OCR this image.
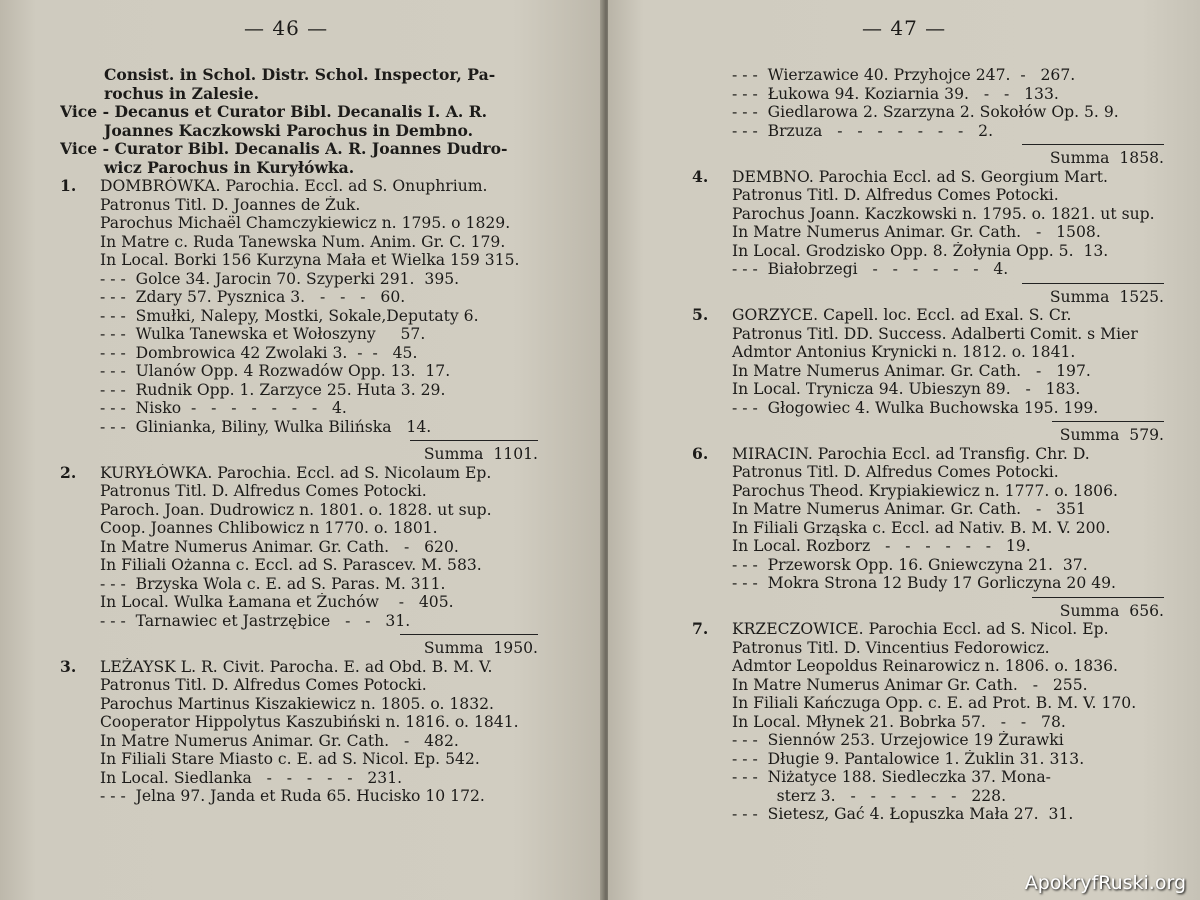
— 46 —
Consist. in Schol. Distr. Schol. Inspector, Pa-
rochus in Zalesie.
Vice - Decanus et Curator Bibl. Decanalis I. A. R.
Joannes Kaczkowski Parochus in Dembno.
Vice - Curator Bibl. Decanalis A. R. Joannes Dudro-
wicz Parochus in Kuryłówka.
1. DOMBRÓWKA. Parochia. Eccl. ad S. Onuphrium.
Patronus Titl. D. Joannes de Żuk.
Parochus Michaël Chamczykiewicz n. 1795. o 1829.
In Matre c. Ruda Tanewska Num. Anim. Gr. C. 179.
In Local. Borki 156 Kurzyna Mała et Wielka 159 315.
- - -  Golce 34. Jarocin 70. Szyperki 291.  395.
- - -  Zdary 57. Pysznica 3.   -   -   -   60.
- - -  Smułki, Nalepy, Mostki, Sokale,Deputaty 6.
- - -  Wulka Tanewska et Wołoszyny     57.
- - -  Dombrowica 42 Zwolaki 3.  -  -   45.
- - -  Ulanów Opp. 4 Rozwadów Opp. 13.  17.
- - -  Rudnik Opp. 1. Zarzyce 25. Huta 3. 29.
- - -  Nisko  -   -   -   -   -   -   -   4.
- - -  Glinianka, Biliny, Wulka Bilińska   14.
Summa  1101.
2. KURYŁÓWKA. Parochia. Eccl. ad S. Nicolaum Ep.
Patronus Titl. D. Alfredus Comes Potocki.
Paroch. Joan. Dudrowicz n. 1801. o. 1828. ut sup.
Coop. Joannes Chlibowicz n 1770. o. 1801.
In Matre Numerus Animar. Gr. Cath.   -   620.
In Filiali Ożanna c. Eccl. ad S. Parascev. M. 583.
- - -  Brzyska Wola c. E. ad S. Paras. M. 311.
In Local. Wulka Łamana et Żuchów    -   405.
- - -  Tarnawiec et Jastrzębice   -   -   31.
Summa  1950.
3. LEŻAYSK L. R. Civit. Parocha. E. ad Obd. B. M. V.
Patronus Titl. D. Alfredus Comes Potocki.
Parochus Martinus Kiszakiewicz n. 1805. o. 1832.
Cooperator Hippolytus Kaszubiński n. 1816. o. 1841.
In Matre Numerus Animar. Gr. Cath.   -   482.
In Filiali Stare Miasto c. E. ad S. Nicol. Ep. 542.
In Local. Siedlanka   -   -   -   -   -   231.
- - -  Jelna 97. Janda et Ruda 65. Hucisko 10 172.
— 47 —
- - -  Wierzawice 40. Przyhojce 247.  -   267.
- - -  Łukowa 94. Koziarnia 39.   -   -   133.
- - -  Giedlarowa 2. Szarzyna 2. Sokołów Op. 5. 9.
- - -  Brzuza   -   -   -   -   -   -   -   2.
Summa  1858.
4. DEMBNO. Parochia Eccl. ad S. Georgium Mart.
Patronus Titl. D. Alfredus Comes Potocki.
Parochus Joann. Kaczkowski n. 1795. o. 1821. ut sup.
In Matre Numerus Animar. Gr. Cath.   -   1508.
In Local. Grodzisko Opp. 8. Żołynia Opp. 5.  13.
- - -  Białobrzegi   -   -   -   -   -   -   4.
Summa  1525.
5. GORZYCE. Capell. loc. Eccl. ad Exal. S. Cr.
Patronus Titl. DD. Success. Adalberti Comit. s Mier
Admtor Antonius Krynicki n. 1812. o. 1841.
In Matre Numerus Animar. Gr. Cath.   -   197.
In Local. Trynicza 94. Ubieszyn 89.   -   183.
- - -  Głogowiec 4. Wulka Buchowska 195. 199.
Summa  579.
6. MIRACIN. Parochia Eccl. ad Transfig. Chr. D.
Patronus Titl. D. Alfredus Comes Potocki.
Parochus Theod. Krypiakiewicz n. 1777. o. 1806.
In Matre Numerus Animar. Gr. Cath.   -   351
In Filiali Grząska c. Eccl. ad Nativ. B. M. V. 200.
In Local. Rozborz   -   -   -   -   -   -   19.
- - -  Przeworsk Opp. 16. Gniewczyna 21.  37.
- - -  Mokra Strona 12 Budy 17 Gorliczyna 20 49.
Summa  656.
7. KRZECZOWICE. Parochia Eccl. ad S. Nicol. Ep.
Patronus Titl. D. Vincentius Fedorowicz.
Admtor Leopoldus Reinarowicz n. 1806. o. 1836.
In Matre Numerus Animar Gr. Cath.   -   255.
In Filiali Kańczuga Opp. c. E. ad Prot. B. M. V. 170.
In Local. Młynek 21. Bobrka 57.   -   -   78.
- - -  Siennów 253. Urzejowice 19 Żurawki
- - -  Długie 9. Pantalowice 1. Żuklin 31. 313.
- - -  Niżatyce 188. Siedleczka 37. Mona-
sterz 3.   -   -   -   -   -   -   228.
- - -  Sietesz, Gać 4. Łopuszka Mała 27.  31.
ApokryfRuski.org
